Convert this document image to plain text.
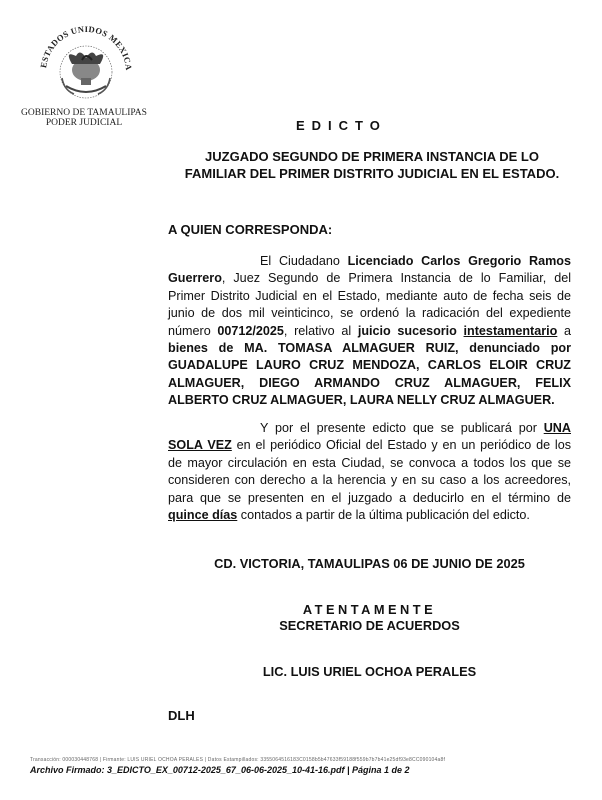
ESTADOS UNIDOS MEXICA
GOBIERNO DE TAMAULIPAS
PODER JUDICIAL	EDICTO
JUZGADO SEGUNDO DE PRIMERA INSTANCIA DE LO
FAMILIAR DEL PRIMER DISTRITO JUDICIAL EN EL ESTADO.
A QUIEN CORRESPONDA:

El Ciudadano Licenciado Carlos Gregorio Ramos Guerrero, Juez Segundo de Primera Instancia de lo Familiar, del Primer Distrito Judicial en el Estado, mediante auto de fecha seis de junio de dos mil veinticinco, se ordenó la radicación del expediente número 00712/2025, relativo al juicio sucesorio intestamentario a bienes de MA. TOMASA ALMAGUER RUIZ, denunciado por GUADALUPE LAURO CRUZ MENDOZA, CARLOS ELOIR CRUZ ALMAGUER, DIEGO ARMANDO CRUZ ALMAGUER, FELIX ALBERTO CRUZ ALMAGUER, LAURA NELLY CRUZ ALMAGUER.

Y por el presente edicto que se publicará por UNA SOLA VEZ en el periódico Oficial del Estado y en un periódico de los de mayor circulación en esta Ciudad, se convoca a todos los que se consideren con derecho a la herencia y en su caso a los acreedores, para que se presenten en el juzgado a deducirlo en el término de quince días contados a partir de la última publicación del edicto.

CD. VICTORIA, TAMAULIPAS 06 DE JUNIO DE 2025
ATENTAMENTE
SECRETARIO DE ACUERDOS
LIC. LUIS URIEL OCHOA PERALES
DLH
Transacción: 000030448768 | Firmante: LUIS URIEL OCHOA PERALES | Datos Estampillados: 3355064516183C0158b5b47633f59188f559b7b7b41e25df93e8CC090104a8f
Archivo Firmado: 3_EDICTO_EX_00712-2025_67_06-06-2025_10-41-16.pdf | Página 1 de 2
